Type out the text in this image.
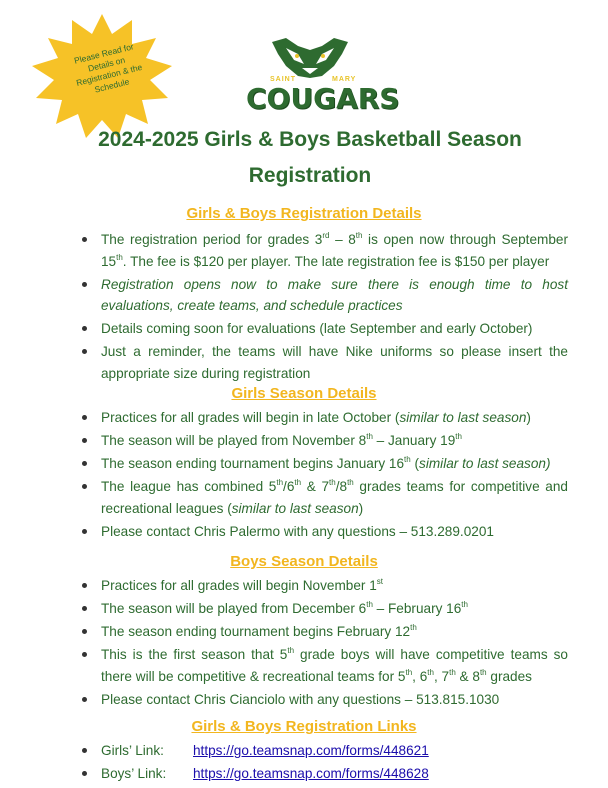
Please Read for Details on Registration & the Schedule	SAINT	MARY
COUGARS
2024-2025 Girls & Boys Basketball Season
Registration
Girls & Boys Registration Details
The registration period for grades 3rd – 8th is open now through September 15th. The fee is $120 per player. The late registration fee is $150 per player
Registration opens now to make sure there is enough time to host evaluations, create teams, and schedule practices
Details coming soon for evaluations (late September and early October)
Just a reminder, the teams will have Nike uniforms so please insert the appropriate size during registration
Girls Season Details
Practices for all grades will begin in late October (similar to last season)
The season will be played from November 8th – January 19th
The season ending tournament begins January 16th (similar to last season)
The league has combined 5th/6th & 7th/8th grades teams for competitive and recreational leagues (similar to last season)
Please contact Chris Palermo with any questions – 513.289.0201
Boys Season Details
Practices for all grades will begin November 1st
The season will be played from December 6th – February 16th
The season ending tournament begins February 12th
This is the first season that 5th grade boys will have competitive teams so there will be competitive & recreational teams for 5th, 6th, 7th & 8th grades
Please contact Chris Cianciolo with any questions – 513.815.1030
Girls & Boys Registration Links
Girls’ Link: https://go.teamsnap.com/forms/448621
Boys’ Link: https://go.teamsnap.com/forms/448628
